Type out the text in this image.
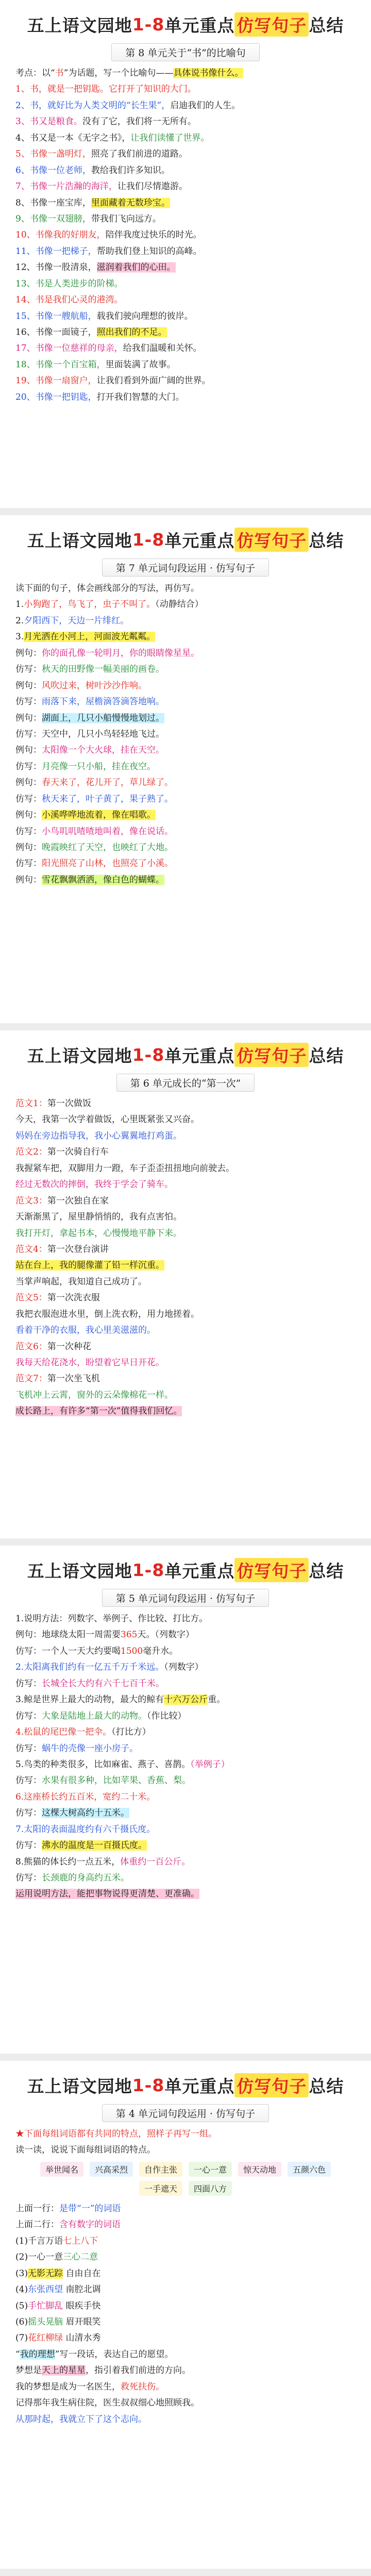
五上语文园地 1-8 单元重点 仿写句子 总结
第 8 单元关于“书”的比喻句

考点：以“书”为话题，写一个比喻句——具体说书像什么。

1、书，就是一把钥匙。它打开了知识的大门。

2、书，就好比为人类文明的“长生果”，启迪我们的人生。

3、书又是粮食。没有了它，我们将一无所有。

4、书又是一本《无字之书》，让我们读懂了世界。

5、书像一盏明灯，照亮了我们前进的道路。

6、书像一位老师，教给我们许多知识。

7、书像一片浩瀚的海洋，让我们尽情遨游。

8、书像一座宝库，里面藏着无数珍宝。

9、书像一双翅膀，带我们飞向远方。

10、书像我的好朋友，陪伴我度过快乐的时光。

11、书像一把梯子，帮助我们登上知识的高峰。

12、书像一股清泉，滋润着我们的心田。

13、书是人类进步的阶梯。

14、书是我们心灵的港湾。

15、书像一艘航船，载我们驶向理想的彼岸。

16、书像一面镜子，照出我们的不足。

17、书像一位慈祥的母亲，给我们温暖和关怀。

18、书像一个百宝箱，里面装满了故事。

19、书像一扇窗户，让我们看到外面广阔的世界。

20、书像一把钥匙，打开我们智慧的大门。

五上语文园地 1-8 单元重点 仿写句子 总结
第 7 单元词句段运用 · 仿写句子

读下面的句子，体会画线部分的写法，再仿写。

1.小狗跑了，鸟飞了，虫子不叫了。（动静结合）

2.夕阳西下，天边一片绯红。

3.月光洒在小河上，河面波光粼粼。

例句：你的面孔像一轮明月，你的眼睛像星星。

仿写：秋天的田野像一幅美丽的画卷。

例句：风吹过来，树叶沙沙作响。

仿写：雨落下来，屋檐滴答滴答地响。

例句：湖面上，几只小船慢慢地划过。

仿写：天空中，几只小鸟轻轻地飞过。

例句：太阳像一个大火球，挂在天空。

仿写：月亮像一只小船，挂在夜空。

例句：春天来了，花儿开了，草儿绿了。

仿写：秋天来了，叶子黄了，果子熟了。

例句：小溪哗哗地流着，像在唱歌。

仿写：小鸟叽叽喳喳地叫着，像在说话。

例句：晚霞映红了天空，也映红了大地。

仿写：阳光照亮了山林，也照亮了小溪。

例句：雪花飘飘洒洒，像白色的蝴蝶。

五上语文园地 1-8 单元重点 仿写句子 总结
第 6 单元成长的“第一次”

范文1：第一次做饭

今天，我第一次学着做饭，心里既紧张又兴奋。

妈妈在旁边指导我，我小心翼翼地打鸡蛋。

范文2：第一次骑自行车

我握紧车把，双脚用力一蹬，车子歪歪扭扭地向前驶去。

经过无数次的摔倒，我终于学会了骑车。

范文3：第一次独自在家

天渐渐黑了，屋里静悄悄的，我有点害怕。

我打开灯，拿起书本，心慢慢地平静下来。

范文4：第一次登台演讲

站在台上，我的腿像灌了铅一样沉重。

当掌声响起，我知道自己成功了。

范文5：第一次洗衣服

我把衣服泡进水里，倒上洗衣粉，用力地搓着。

看着干净的衣服，我心里美滋滋的。

范文6：第一次种花

我每天给花浇水，盼望着它早日开花。

范文7：第一次坐飞机

飞机冲上云霄，窗外的云朵像棉花一样。

成长路上，有许多“第一次”值得我们回忆。

五上语文园地 1-8 单元重点 仿写句子 总结
第 5 单元词句段运用 · 仿写句子

1.说明方法：列数字、举例子、作比较、打比方。

例句：地球绕太阳一周需要365天。（列数字）

仿写：一个人一天大约要喝1500毫升水。

2.太阳离我们约有一亿五千万千米远。（列数字）

仿写：长城全长大约有六千七百千米。

3.鲸是世界上最大的动物，最大的鲸有十六万公斤重。

仿写：大象是陆地上最大的动物。（作比较）

4.松鼠的尾巴像一把伞。（打比方）

仿写：蜗牛的壳像一座小房子。

5.鸟类的种类很多，比如麻雀、燕子、喜鹊。（举例子）

仿写：水果有很多种，比如苹果、香蕉、梨。

6.这座桥长约五百米，宽约二十米。

仿写：这棵大树高约十五米。

7.太阳的表面温度约有六千摄氏度。

仿写：沸水的温度是一百摄氏度。

8.熊猫的体长约一点五米，体重约一百公斤。

仿写：长颈鹿的身高约五米。

运用说明方法，能把事物说得更清楚、更准确。

五上语文园地 1-8 单元重点 仿写句子 总结
第 4 单元词句段运用 · 仿写句子

★下面每组词语都有共同的特点，照样子再写一组。

读一读，说说下面每组词语的特点。

举世闻名	兴高采烈	自作主张	一心一意	惊天动地	五颜六色
一手遮天	四面八方

上面一行：是带“一”的词语

上面二行：含有数字的词语

(1)千言万语七上八下

(2)一心一意三心二意

(3)无影无踪 自由自在

(4)东张西望 南腔北调

(5)手忙脚乱 眼疾手快

(6)摇头晃脑 眉开眼笑

(7)花红柳绿 山清水秀

“我的理想”写一段话，表达自己的愿望。

梦想是天上的星星，指引着我们前进的方向。

我的梦想是成为一名医生，救死扶伤。

记得那年我生病住院，医生叔叔细心地照顾我。

从那时起，我就立下了这个志向。
